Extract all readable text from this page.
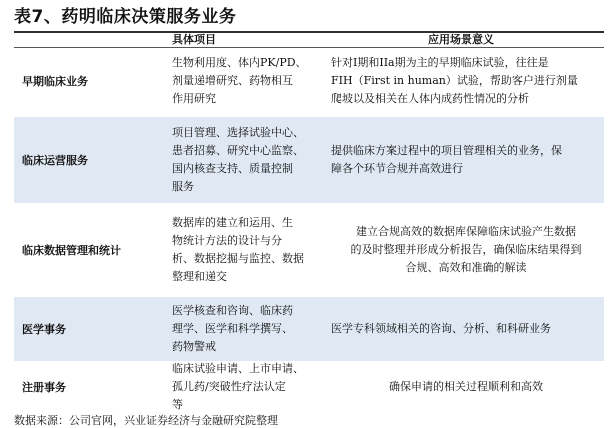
表7、药明临床决策服务业务
具体项目	应用场景意义
早期临床业务
生物利用度、体内PK/PD、
剂量递增研究、药物相互
作用研究
针对I期和IIa期为主的早期临床试验，往往是
FIH（First in human）试验，帮助客户进行剂量
爬坡以及相关在人体内成药性情况的分析
临床运营服务
项目管理、选择试验中心、
患者招募、研究中心监察、
国内核查支持、质量控制
服务
提供临床方案过程中的项目管理相关的业务，保
障各个环节合规并高效进行
临床数据管理和统计
数据库的建立和运用、生
物统计方法的设计与分
析、数据挖掘与监控、数据
整理和递交
建立合规高效的数据库保障临床试验产生数据
的及时整理并形成分析报告，确保临床结果得到
合规、高效和准确的解读
医学事务
医学核查和咨询、临床药
理学、医学和科学撰写、
药物警戒
医学专科领域相关的咨询、分析、和科研业务
注册事务
临床试验申请、上市申请、
孤儿药/突破性疗法认定
等
确保申请的相关过程顺利和高效
数据来源：公司官网，兴业证券经济与金融研究院整理
